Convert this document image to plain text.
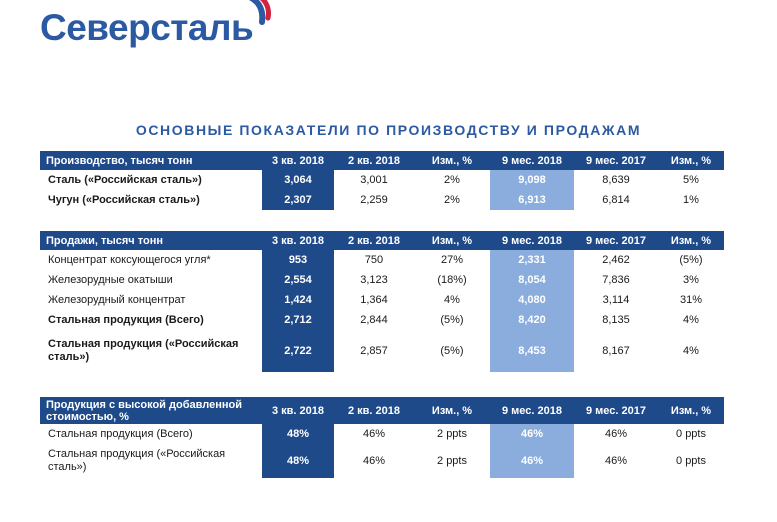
Северсталь
ОСНОВНЫЕ ПОКАЗАТЕЛИ ПО ПРОИЗВОДСТВУ И ПРОДАЖАМ
Производство, тысяч тонн	3 кв. 2018	2 кв. 2018	Изм., %	9 мес. 2018	9 мес. 2017	Изм., %
Сталь («Российская сталь»)	3,064	3,001	2%	9,098	8,639	5%
Чугун («Российская сталь»)	2,307	2,259	2%	6,913	6,814	1%
Продажи, тысяч тонн	3 кв. 2018	2 кв. 2018	Изм., %	9 мес. 2018	9 мес. 2017	Изм., %
Концентрат коксующегося угля*	953	750	27%	2,331	2,462	(5%)
Железорудные окатыши	2,554	3,123	(18%)	8,054	7,836	3%
Железорудный концентрат	1,424	1,364	4%	4,080	3,114	31%
Стальная продукция (Всего)	2,712	2,844	(5%)	8,420	8,135	4%
Стальная продукция («Российская сталь»)	2,722	2,857	(5%)	8,453	8,167	4%
Продукция с высокой добавленной стоимостью, %	3 кв. 2018	2 кв. 2018	Изм., %	9 мес. 2018	9 мес. 2017	Изм., %
Стальная продукция (Всего)	48%	46%	2 ppts	46%	46%	0 ppts
Стальная продукция («Российская сталь»)	48%	46%	2 ppts	46%	46%	0 ppts
